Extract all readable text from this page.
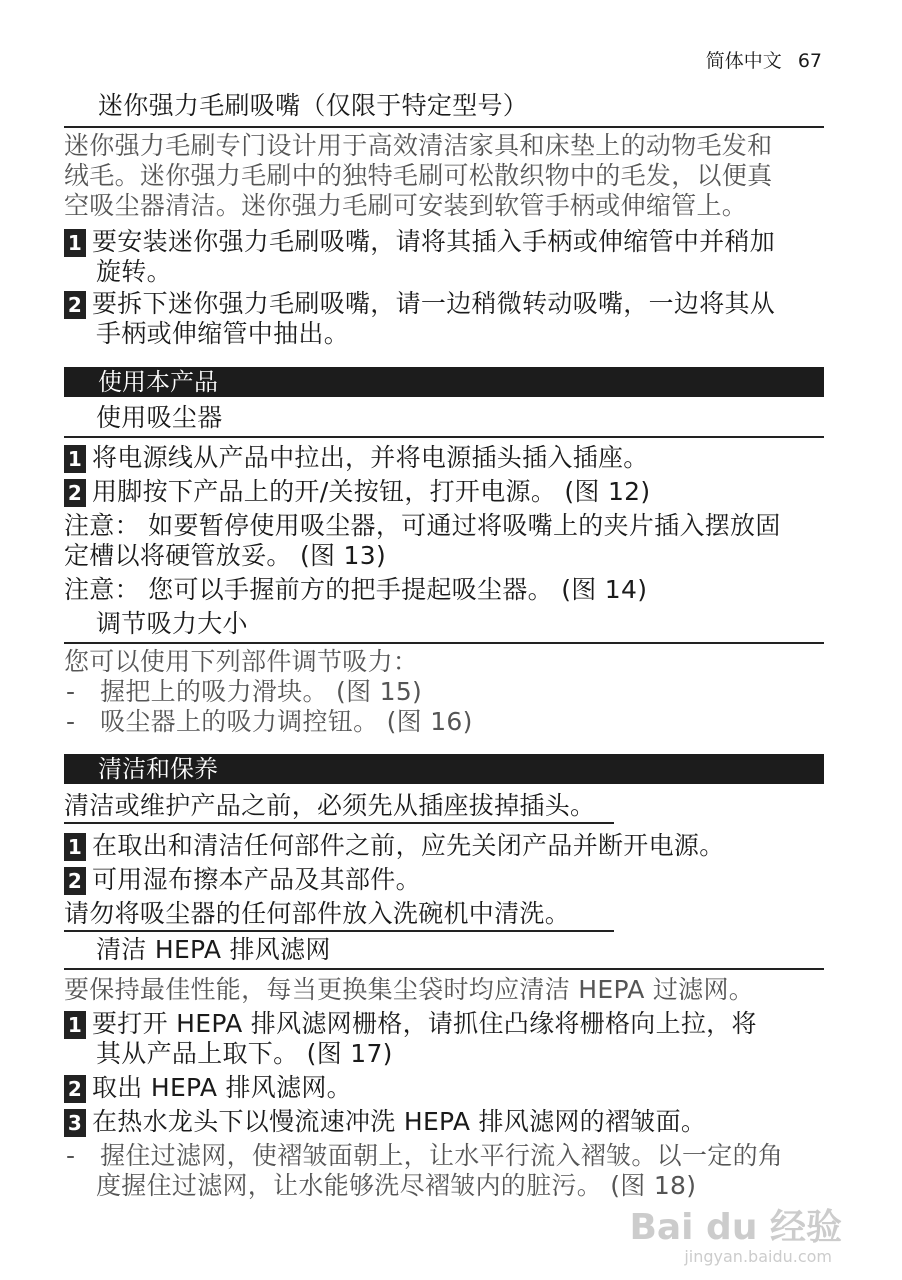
简体中文 67
迷你强力毛刷吸嘴（仅限于特定型号）
迷你强力毛刷专门设计用于高效清洁家具和床垫上的动物毛发和
绒毛。迷你强力毛刷中的独特毛刷可松散织物中的毛发，以便真
空吸尘器清洁。迷你强力毛刷可安装到软管手柄或伸缩管上。
1 要安装迷你强力毛刷吸嘴，请将其插入手柄或伸缩管中并稍加
旋转。
2 要拆下迷你强力毛刷吸嘴，请一边稍微转动吸嘴，一边将其从
手柄或伸缩管中抽出。
使用本产品
使用吸尘器
1 将电源线从产品中拉出，并将电源插头插入插座。
2 用脚按下产品上的开/关按钮，打开电源。 (图 12)
注意： 如要暂停使用吸尘器，可通过将吸嘴上的夹片插入摆放固
定槽以将硬管放妥。 (图 13)
注意： 您可以手握前方的把手提起吸尘器。 (图 14)
调节吸力大小
您可以使用下列部件调节吸力：
-   握把上的吸力滑块。 (图 15)
-   吸尘器上的吸力调控钮。 (图 16)
清洁和保养
清洁或维护产品之前，必须先从插座拔掉插头。
1 在取出和清洁任何部件之前，应先关闭产品并断开电源。
2 可用湿布擦本产品及其部件。
请勿将吸尘器的任何部件放入洗碗机中清洗。
清洁 HEPA 排风滤网
要保持最佳性能，每当更换集尘袋时均应清洁 HEPA 过滤网。
1 要打开 HEPA 排风滤网栅格，请抓住凸缘将栅格向上拉，将
其从产品上取下。 (图 17)
2 取出 HEPA 排风滤网。
3 在热水龙头下以慢流速冲洗 HEPA 排风滤网的褶皱面。
-   握住过滤网，使褶皱面朝上，让水平行流入褶皱。以一定的角
度握住过滤网，让水能够洗尽褶皱内的脏污。 (图 18)
Bai du 经验
jingyan.baidu.com
